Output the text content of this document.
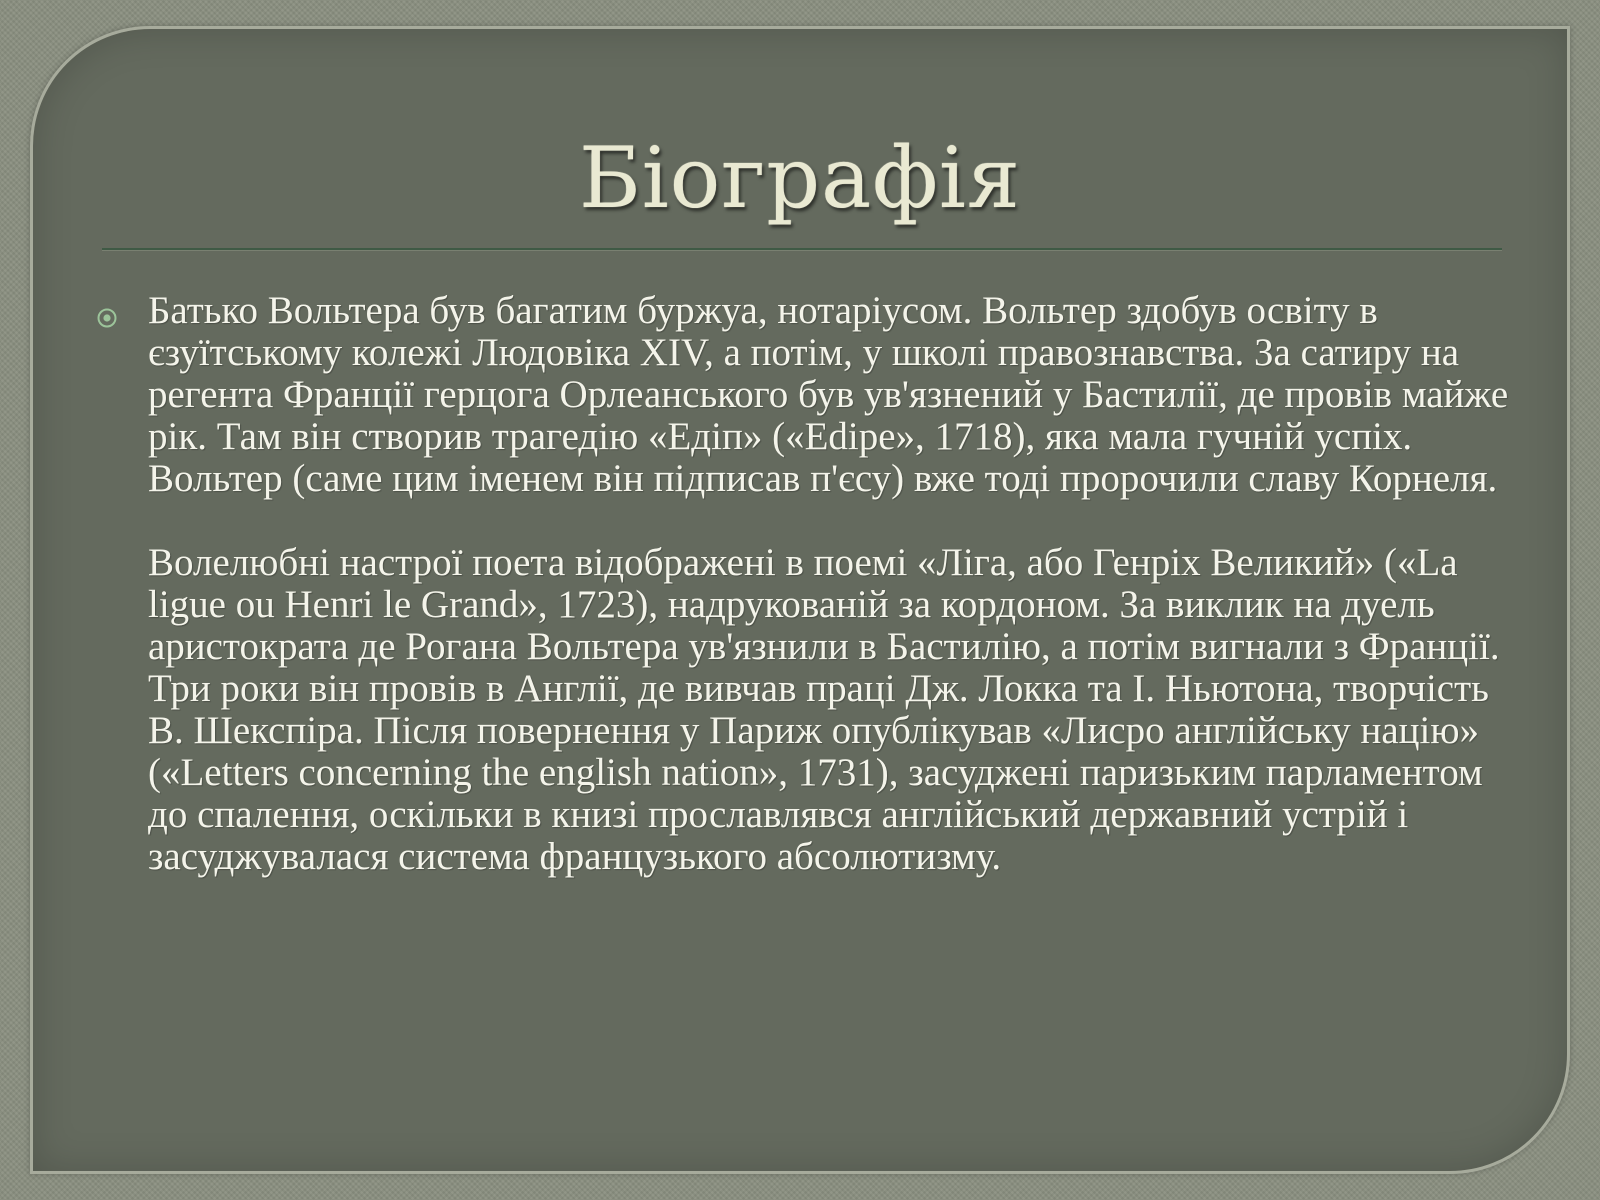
Біографія

Батько Вольтера був багатим буржуа, нотаріусом. Вольтер здобув освіту в єзуїтському колежі Людовіка XIV, а потім, у школі правознавства. За сатиру на регента Франції герцога Орлеанського був ув'язнений у Бастилії, де провів майже рік. Там він створив трагедію «Едіп» («Edipe», 1718), яка мала гучній успіх. Вольтер (саме цим іменем він підписав п'єсу) вже тоді пророчили славу Корнеля.

Волелюбні настрої поета відображені в поемі «Ліга, або Генріх Великий» («La ligue ou Henri le Grand», 1723), надрукованій за кордоном. За виклик на дуель аристократа де Рогана Вольтера ув'язнили в Бастилію, а потім вигнали з Франції. Три роки він провів в Англії, де вивчав праці Дж. Локка та І. Ньютона, творчість В. Шекспіра. Після повернення у Париж опублікував «Лисро англійську націю» («Letters concerning the english nation», 1731), засуджені паризьким парламентом до спалення, оскільки в книзі прославлявся англійський державний устрій і засуджувалася система французького абсолютизму.
